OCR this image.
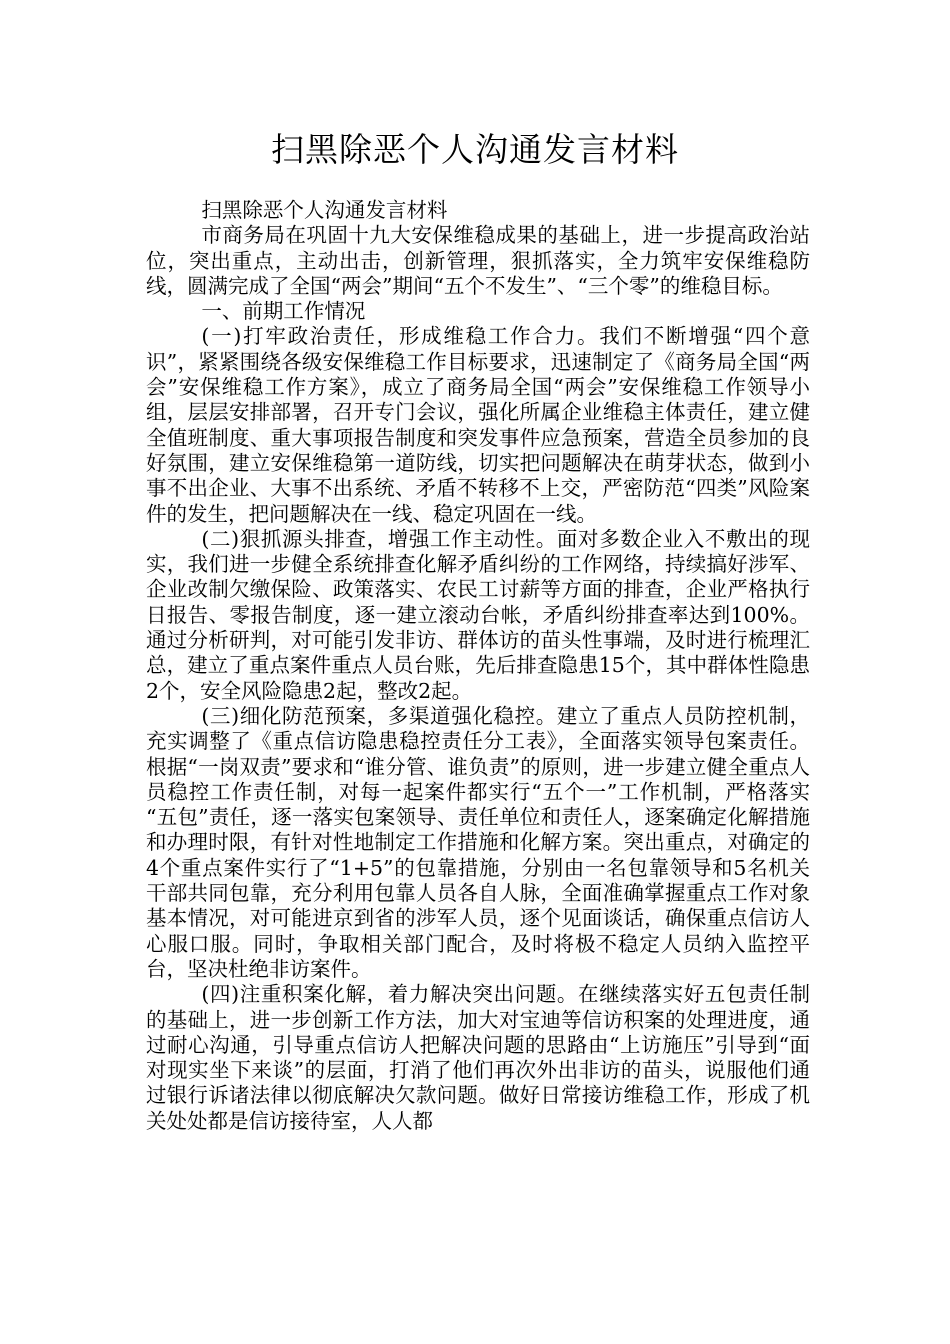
扫黑除恶个人沟通发言材料

扫黑除恶个人沟通发言材料

市商务局在巩固十九大安保维稳成果的基础上，进一步提高政治站位，突出重点，主动出击，创新管理，狠抓落实，全力筑牢安保维稳防线，圆满完成了全国“两会”期间“五个不发生”、“三个零”的维稳目标。

一、前期工作情况

(一)打牢政治责任，形成维稳工作合力。我们不断增强“四个意识”，紧紧围绕各级安保维稳工作目标要求，迅速制定了《商务局全国“两会”安保维稳工作方案》，成立了商务局全国“两会”安保维稳工作领导小组，层层安排部署，召开专门会议，强化所属企业维稳主体责任，建立健全值班制度、重大事项报告制度和突发事件应急预案，营造全员参加的良好氛围，建立安保维稳第一道防线，切实把问题解决在萌芽状态，做到小事不出企业、大事不出系统、矛盾不转移不上交，严密防范“四类”风险案件的发生，把问题解决在一线、稳定巩固在一线。

(二)狠抓源头排查，增强工作主动性。面对多数企业入不敷出的现实，我们进一步健全系统排查化解矛盾纠纷的工作网络，持续搞好涉军、企业改制欠缴保险、政策落实、农民工讨薪等方面的排查，企业严格执行日报告、零报告制度，逐一建立滚动台帐，矛盾纠纷排查率达到100%。通过分析研判，对可能引发非访、群体访的苗头性事端，及时进行梳理汇总，建立了重点案件重点人员台账，先后排查隐患15个，其中群体性隐患2个，安全风险隐患2起，整改2起。

(三)细化防范预案，多渠道强化稳控。建立了重点人员防控机制，充实调整了《重点信访隐患稳控责任分工表》，全面落实领导包案责任。根据“一岗双责”要求和“谁分管、谁负责”的原则，进一步建立健全重点人员稳控工作责任制，对每一起案件都实行“五个一”工作机制，严格落实 “五包”责任，逐一落实包案领导、责任单位和责任人，逐案确定化解措施和办理时限，有针对性地制定工作措施和化解方案。突出重点，对确定的4个重点案件实行了“1+5”的包靠措施，分别由一名包靠领导和5名机关干部共同包靠，充分利用包靠人员各自人脉，全面准确掌握重点工作对象基本情况，对可能进京到省的涉军人员，逐个见面谈话，确保重点信访人心服口服。同时，争取相关部门配合，及时将极不稳定人员纳入监控平台，坚决杜绝非访案件。

(四)注重积案化解，着力解决突出问题。在继续落实好五包责任制的基础上，进一步创新工作方法，加大对宝迪等信访积案的处理进度，通过耐心沟通，引导重点信访人把解决问题的思路由“上访施压”引导到“面对现实坐下来谈”的层面，打消了他们再次外出非访的苗头，说服他们通过银行诉诸法律以彻底解决欠款问题。做好日常接访维稳工作，形成了机关处处都是信访接待室，人人都
